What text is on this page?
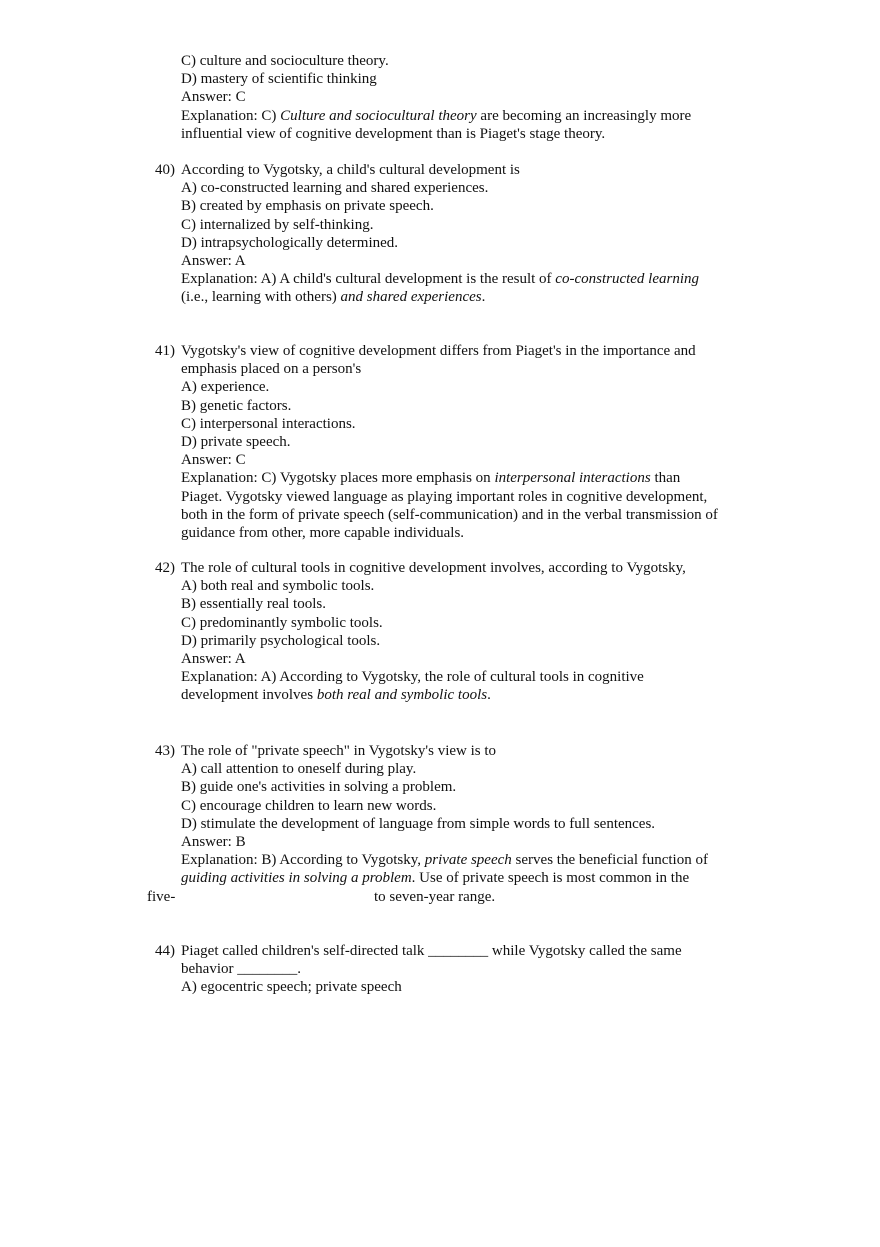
C) culture and socioculture theory.
D) mastery of scientific thinking
Answer: C
Explanation: C) Culture and sociocultural theory are becoming an increasingly more
influential view of cognitive development than is Piaget's stage theory.
40) According to Vygotsky, a child's cultural development is
A) co-constructed learning and shared experiences.
B) created by emphasis on private speech.
C) internalized by self-thinking.
D) intrapsychologically determined.
Answer: A
Explanation: A) A child's cultural development is the result of co-constructed learning
(i.e., learning with others) and shared experiences.
41) Vygotsky's view of cognitive development differs from Piaget's in the importance and
emphasis placed on a person's
A) experience.
B) genetic factors.
C) interpersonal interactions.
D) private speech.
Answer: C
Explanation: C) Vygotsky places more emphasis on interpersonal interactions than
Piaget. Vygotsky viewed language as playing important roles in cognitive development,
both in the form of private speech (self-communication) and in the verbal transmission of
guidance from other, more capable individuals.
42) The role of cultural tools in cognitive development involves, according to Vygotsky,
A) both real and symbolic tools.
B) essentially real tools.
C) predominantly symbolic tools.
D) primarily psychological tools.
Answer: A
Explanation: A) According to Vygotsky, the role of cultural tools in cognitive
development involves both real and symbolic tools.
43) The role of "private speech" in Vygotsky's view is to
A) call attention to oneself during play.
B) guide one's activities in solving a problem.
C) encourage children to learn new words.
D) stimulate the development of language from simple words to full sentences.
Answer: B
Explanation: B) According to Vygotsky, private speech serves the beneficial function of
guiding activities in solving a problem. Use of private speech is most common in the
five-	to seven-year range.
44) Piaget called children's self-directed talk ________ while Vygotsky called the same
behavior ________.
A) egocentric speech; private speech
